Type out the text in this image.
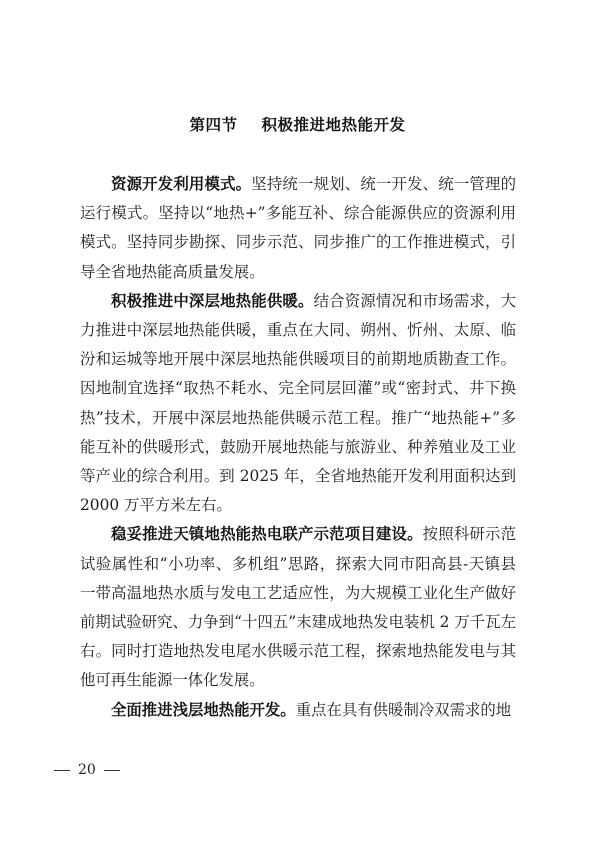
第四节 积极推进地热能开发

资源开发利用模式。坚持统一规划、统一开发、统一管理的运行模式。坚持以“地热+”多能互补、综合能源供应的资源利用模式。坚持同步勘探、同步示范、同步推广的工作推进模式，引导全省地热能高质量发展。

积极推进中深层地热能供暖。结合资源情况和市场需求，大力推进中深层地热能供暖，重点在大同、朔州、忻州、太原、临汾和运城等地开展中深层地热能供暖项目的前期地质勘查工作。因地制宜选择“取热不耗水、完全同层回灌”或“密封式、井下换热”技术，开展中深层地热能供暖示范工程。推广“地热能+”多能互补的供暖形式，鼓励开展地热能与旅游业、种养殖业及工业等产业的综合利用。到 2025 年，全省地热能开发利用面积达到 2000 万平方米左右。

稳妥推进天镇地热能热电联产示范项目建设。按照科研示范试验属性和“小功率、多机组”思路，探索大同市阳高县-天镇县一带高温地热水质与发电工艺适应性，为大规模工业化生产做好前期试验研究、力争到“十四五”末建成地热发电装机 2 万千瓦左右。同时打造地热发电尾水供暖示范工程，探索地热能发电与其他可再生能源一体化发展。

全面推进浅层地热能开发。重点在具有供暖制冷双需求的地

20
